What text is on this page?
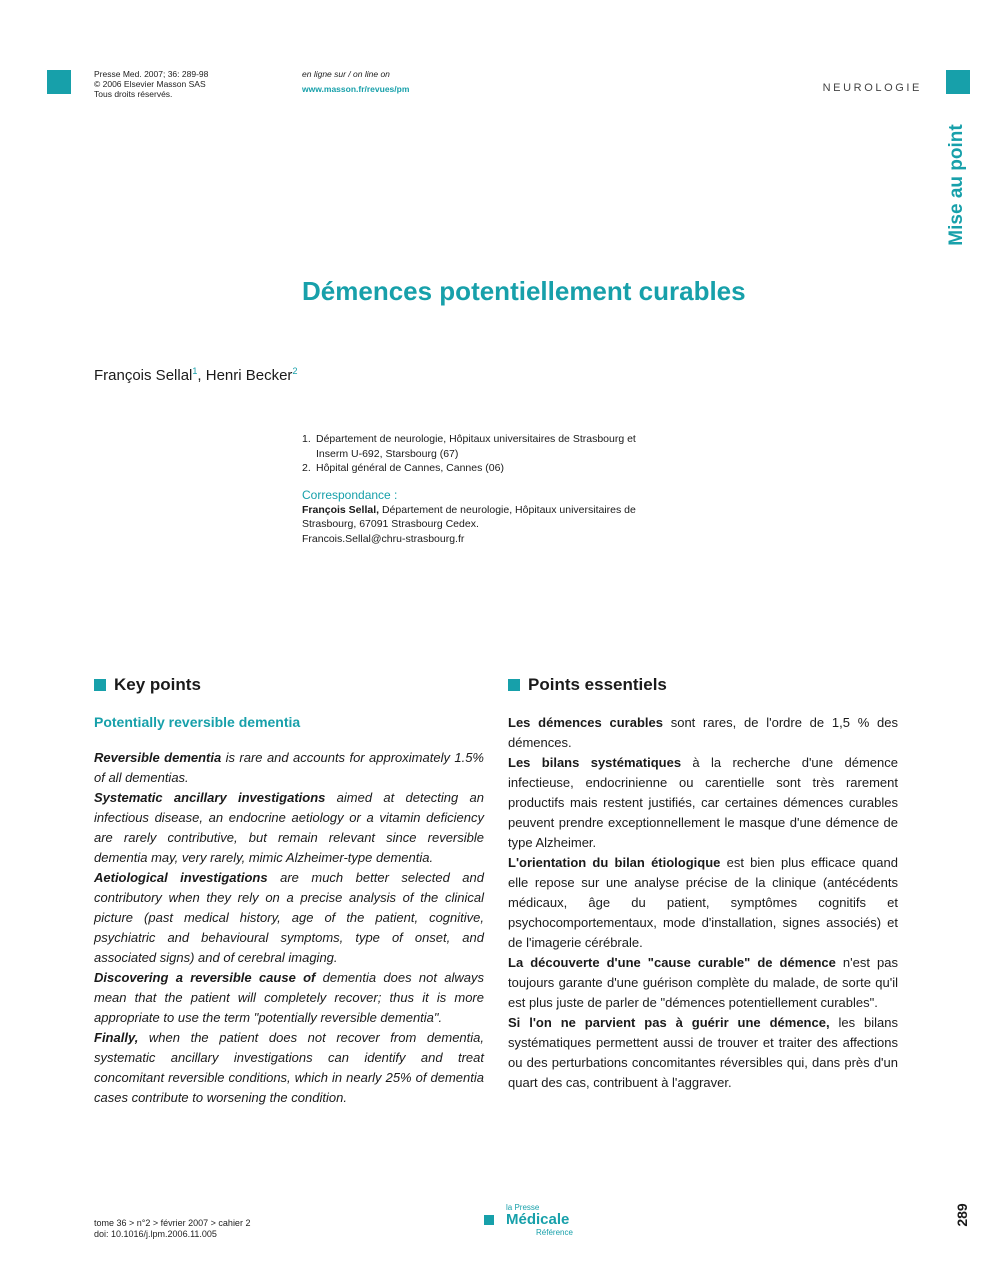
Presse Med. 2007; 36: 289-98
© 2006 Elsevier Masson SAS
Tous droits réservés.
en ligne sur / on line on
www.masson.fr/revues/pm	NEUROLOGIE
Mise au point
Démences potentiellement curables
François Sellal$^1$, Henri Becker$^2$
1. Département de neurologie, Hôpitaux universitaires de Strasbourg et Inserm U-692, Starsbourg (67)
2. Hôpital général de Cannes, Cannes (06)
Correspondance :
François Sellal, Département de neurologie, Hôpitaux universitaires de Strasbourg, 67091 Strasbourg Cedex.
Francois.Sellal@chru-strasbourg.fr
Key points
Potentially reversible dementia
Reversible dementia is rare and accounts for approximately 1.5% of all dementias.
Systematic ancillary investigations aimed at detecting an infectious disease, an endocrine aetiology or a vitamin deficiency are rarely contributive, but remain relevant since reversible dementia may, very rarely, mimic Alzheimer-type dementia.
Aetiological investigations are much better selected and contributory when they rely on a precise analysis of the clinical picture (past medical history, age of the patient, cognitive, psychiatric and behavioural symptoms, type of onset, and associated signs) and of cerebral imaging.
Discovering a reversible cause of dementia does not always mean that the patient will completely recover; thus it is more appropriate to use the term "potentially reversible dementia".
Finally, when the patient does not recover from dementia, systematic ancillary investigations can identify and treat concomitant reversible conditions, which in nearly 25% of dementia cases contribute to worsening the condition.
Points essentiels
Les démences curables sont rares, de l'ordre de 1,5 % des démences.
Les bilans systématiques à la recherche d'une démence infectieuse, endocrinienne ou carentielle sont très rarement productifs mais restent justifiés, car certaines démences curables peuvent prendre exceptionnellement le masque d'une démence de type Alzheimer.
L'orientation du bilan étiologique est bien plus efficace quand elle repose sur une analyse précise de la clinique (antécédents médicaux, âge du patient, symptômes cognitifs et psychocomportementaux, mode d'installation, signes associés) et de l'imagerie cérébrale.
La découverte d'une "cause curable" de démence n'est pas toujours garante d'une guérison complète du malade, de sorte qu'il est plus juste de parler de "démences potentiellement curables".
Si l'on ne parvient pas à guérir une démence, les bilans systématiques permettent aussi de trouver et traiter des affections ou des perturbations concomitantes réversibles qui, dans près d'un quart des cas, contribuent à l'aggraver.
tome 36 > n°2 > février 2007 > cahier 2
doi: 10.1016/j.lpm.2006.11.005
la Presse
Médicale
Référence
289
